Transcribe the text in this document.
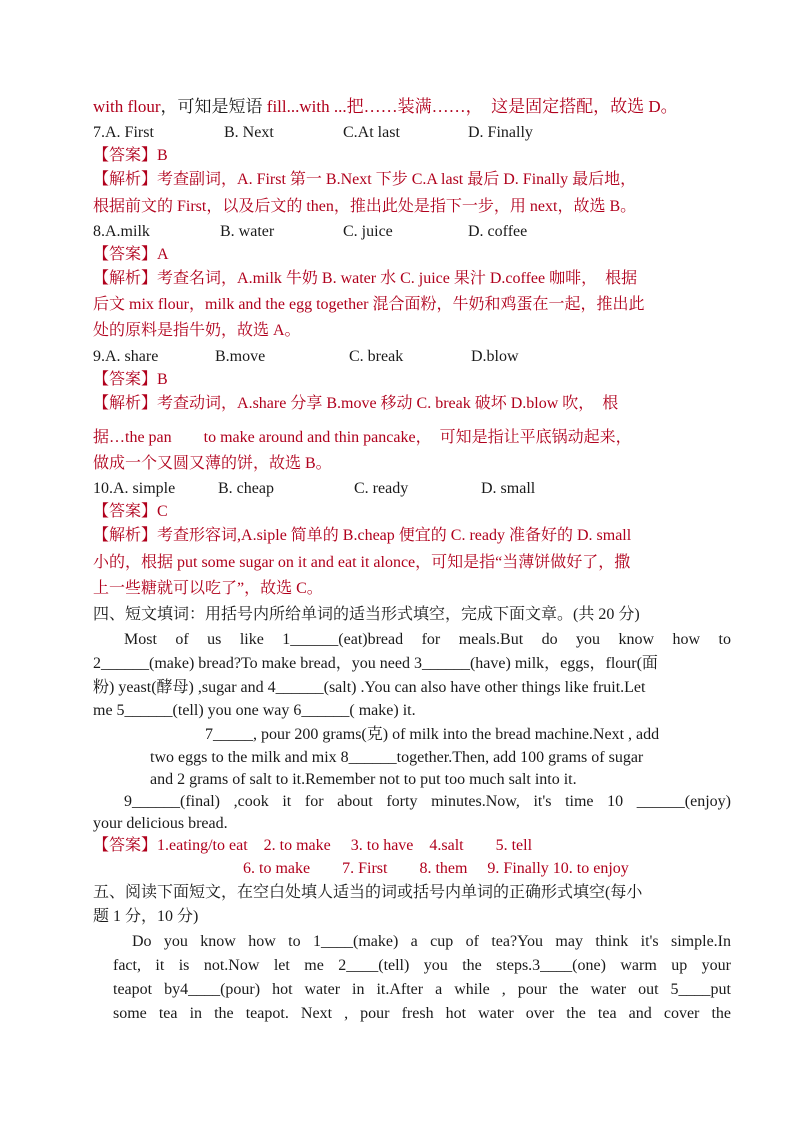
with flour，可知是短语 fill...with ...把……装满……，　这是固定搭配，故选 D。
7.A. First	B. Next	C.At last	D. Finally
【答案】B
【解析】考查副词，A. First 第一 B.Next 下步 C.A last 最后 D. Finally 最后地，
根据前文的 First，以及后文的 then，推出此处是指下一步，用 next，故选 B。
8.A.milk	B. water	C. juice	D. coffee
【答案】A
【解析】考查名词，A.milk 牛奶 B. water 水 C. juice 果汁 D.coffee 咖啡，　根据
后文 mix flour，milk and the egg together 混合面粉，牛奶和鸡蛋在一起，推出此
处的原料是指牛奶，故选 A。
9.A. share	B.move	C. break	D.blow
【答案】B
【解析】考查动词，A.share 分享 B.move 移动 C. break 破坏 D.blow 吹，　根
据…the pan　　to make around and thin pancake，　可知是指让平底锅动起来，
做成一个又圆又薄的饼，故选 B。
10.A. simple	B. cheap	C. ready	D. small
【答案】C
【解析】考查形容词,A.siple 简单的 B.cheap 便宜的 C. ready 准备好的 D. small
小的，根据 put some sugar on it and eat it alonce，可知是指“当薄饼做好了，撒
上一些糖就可以吃了”，故选 C。
四、短文填词：用括号内所给单词的适当形式填空，完成下面文章。(共 20 分)
Most of us like 1______(eat)bread for meals.But do you know how to
2______(make) bread?To make bread，you need 3______(have) milk，eggs，flour(面
粉) yeast(酵母) ,sugar and 4______(salt) .You can also have other things like fruit.Let
me 5______(tell) you one way 6______( make) it.
7_____, pour 200 grams(克) of milk into the bread machine.Next , add
two eggs to the milk and mix 8______together.Then, add 100 grams of sugar
and 2 grams of salt to it.Remember not to put too much salt into it.
9______(final) ,cook it for about forty minutes.Now, it's time 10 ______(enjoy)
your delicious bread.
【答案】1.eating/to eat　2. to make　 3. to have　4.salt　　5. tell
6. to make　　7. First　　8. them　 9. Finally 10. to enjoy
五、阅读下面短文，在空白处填人适当的词或括号内单词的正确形式填空(每小
题 1 分，10 分)
Do you know how to 1____(make) a cup of tea?You may think it's simple.In
fact, it is not.Now let me 2____(tell) you the steps.3____(one) warm up your
teapot by4____(pour) hot water in it.After a while , pour the water out 5____put
some tea in the teapot. Next , pour fresh hot water over the tea and cover the
